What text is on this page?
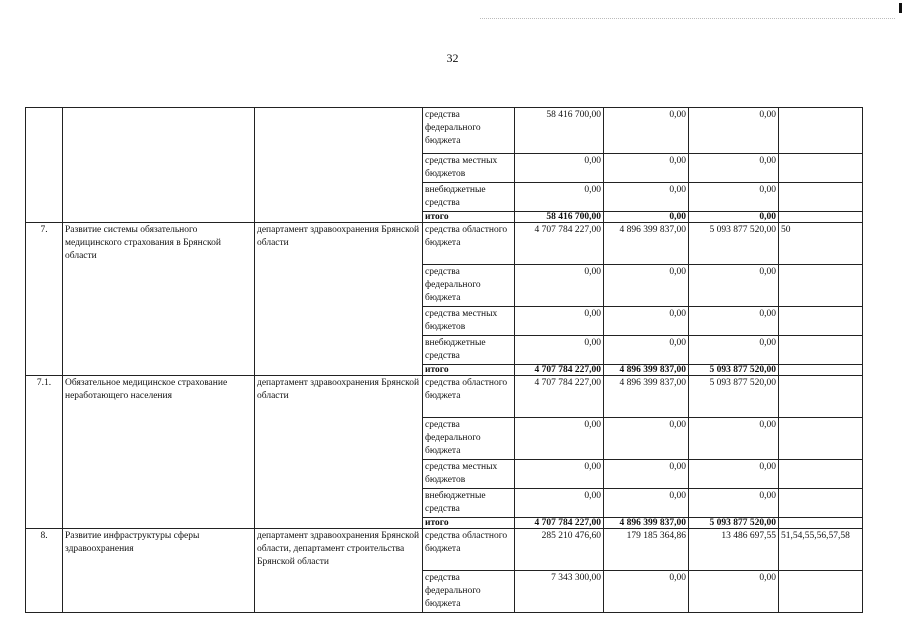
32
			средства федерального бюджета	58 416 700,00	0,00	0,00	
			средства местных бюджетов	0,00	0,00	0,00	
			внебюджетные средства	0,00	0,00	0,00	
			итого	58 416 700,00	0,00	0,00	
7.	Развитие системы обязательного медицинского страхования в Брянской области	департамент здравоохранения Брянской области	средства областного бюджета	4 707 784 227,00	4 896 399 837,00	5 093 877 520,00	50
			средства федерального бюджета	0,00	0,00	0,00	
			средства местных бюджетов	0,00	0,00	0,00	
			внебюджетные средства	0,00	0,00	0,00	
			итого	4 707 784 227,00	4 896 399 837,00	5 093 877 520,00	
7.1.	Обязательное медицинское страхование неработающего населения	департамент здравоохранения Брянской области	средства областного бюджета	4 707 784 227,00	4 896 399 837,00	5 093 877 520,00	
			средства федерального бюджета	0,00	0,00	0,00	
			средства местных бюджетов	0,00	0,00	0,00	
			внебюджетные средства	0,00	0,00	0,00	
			итого	4 707 784 227,00	4 896 399 837,00	5 093 877 520,00	
8.	Развитие инфраструктуры сферы здравоохранения	департамент здравоохранения Брянской области, департамент строительства Брянской области	средства областного бюджета	285 210 476,60	179 185 364,86	13 486 697,55	51,54,55,56,57,58
			средства федерального бюджета	7 343 300,00	0,00	0,00	
